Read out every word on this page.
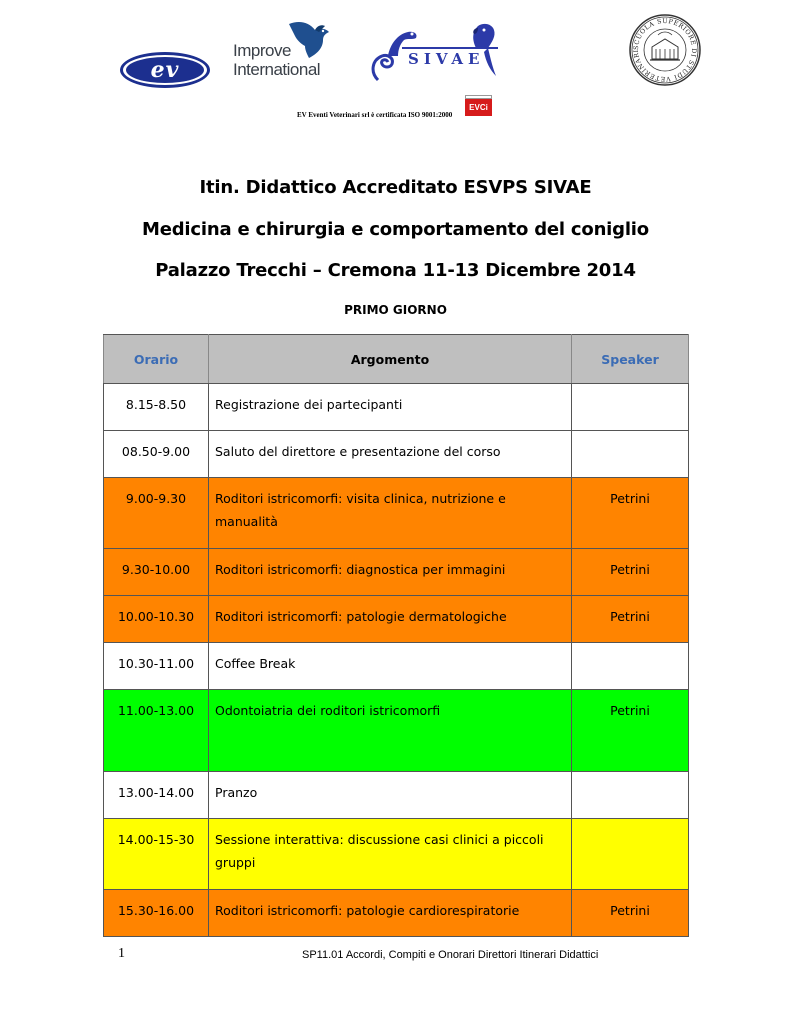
ev
Improve
International
SIVAE
SCUOLA SUPERIORE DI STUDI VETERINARI
EV Eventi Veterinari srl è certificata ISO 9001:2000
EVCi
Itin. Didattico Accreditato ESVPS SIVAE
Medicina e chirurgia e comportamento del coniglio
Palazzo Trecchi – Cremona 11-13 Dicembre 2014
PRIMO GIORNO
Orario	Argomento	Speaker
8.15-8.50	Registrazione dei partecipanti	
08.50-9.00	Saluto del direttore e presentazione del corso	
9.00-9.30	Roditori istricomorfi: visita clinica, nutrizione e manualità	Petrini
9.30-10.00	Roditori istricomorfi: diagnostica per immagini	Petrini
10.00-10.30	Roditori istricomorfi: patologie dermatologiche	Petrini
10.30-11.00	Coffee Break	
11.00-13.00	Odontoiatria dei roditori istricomorfi	Petrini
13.00-14.00	Pranzo	
14.00-15-30	Sessione interattiva: discussione casi clinici a piccoli gruppi	
15.30-16.00	Roditori istricomorfi: patologie cardiorespiratorie	Petrini
1	SP11.01 Accordi, Compiti e Onorari Direttori Itinerari Didattici
